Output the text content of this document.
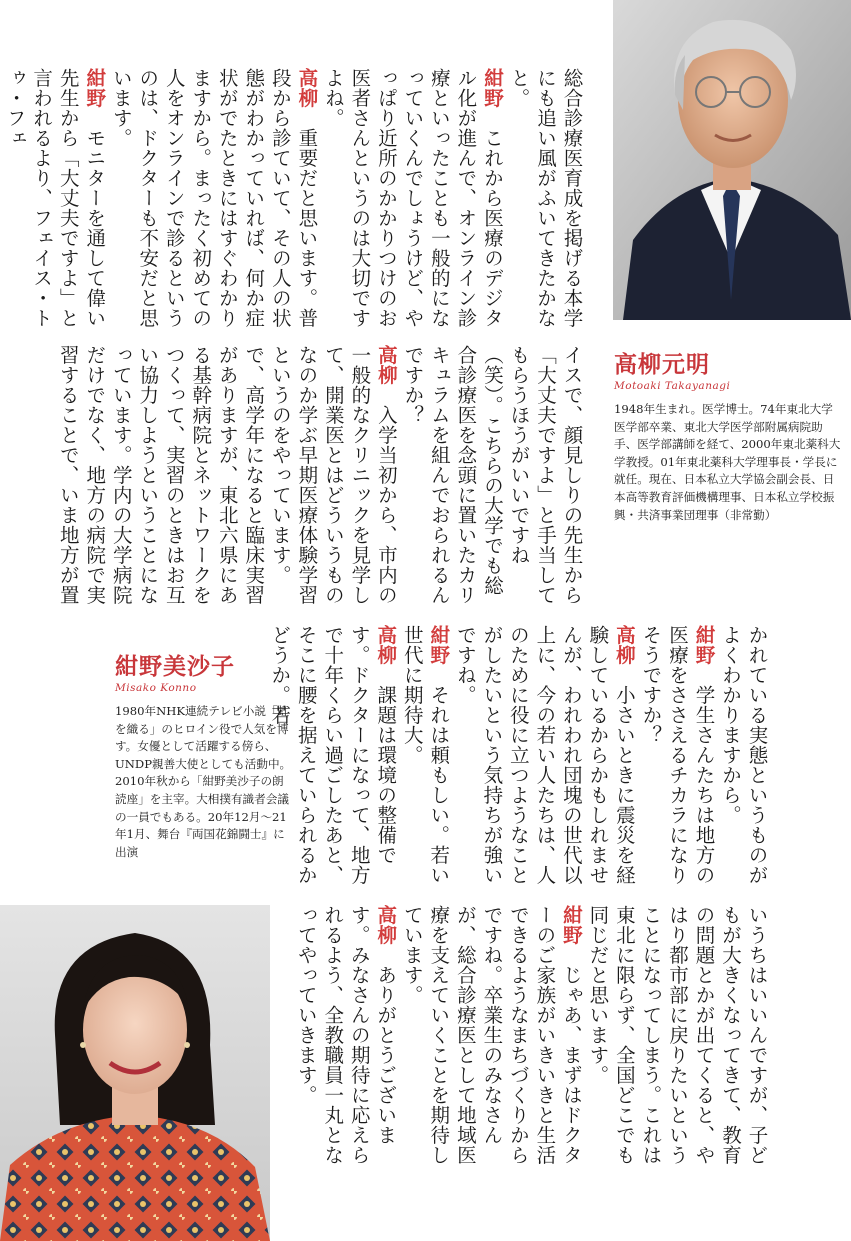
総合診療医育成を掲げる本学にも追い風がふいてきたかなと。
紺野　これから医療のデジタル化が進んで、オンライン診療といったことも一般的になっていくんでしょうけど、やっぱり近所のかかりつけのお医者さんというのは大切ですよね。
高柳　重要だと思います。普段から診ていて、その人の状態がわかっていれば、何か症状がでたときにはすぐわかりますから。まったく初めての人をオンラインで診るというのは、ドクターも不安だと思います。
紺野　モニターを通して偉い先生から「大丈夫ですよ」と言われるより、フェイス・トゥ・フェ

イスで、顔見しりの先生から「大丈夫ですよ」と手当してもらうほうがいいですね（笑）。こちらの大学でも総合診療医を念頭に置いたカリキュラムを組んでおられるんですか？
高柳　入学当初から、市内の一般的なクリニックを見学して、開業医とはどういうものなのか学ぶ早期医療体験学習というのをやっています。で、高学年になると臨床実習がありますが、東北六県にある基幹病院とネットワークをつくって、実習のときはお互い協力しようということになっています。学内の大学病院だけでなく、地方の病院で実習することで、いま地方が置	高柳元明
Motoaki Takayanagi
1948年生まれ。医学博士。74年東北大学医学部卒業、東北大学医学部附属病院助手、医学部講師を経て、2000年東北薬科大学教授。01年東北薬科大学理事長・学長に就任。現在、日本私立大学協会副会長、日本高等教育評価機構理事、日本私立学校振興・共済事業団理事（非常勤）

かれている実態というものがよくわかりますから。
紺野　学生さんたちは地方の医療をささえるチカラになりそうですか？
高柳　小さいときに震災を経験しているからかもしれませんが、われわれ団塊の世代以上に、今の若い人たちは、人のために役に立つようなことがしたいという気持ちが強いですね。
紺野　それは頼もしい。若い世代に期待大。
高柳　課題は環境の整備です。ドクターになって、地方で十年くらい過ごしたあと、そこに腰を据えていられるかどうか。若

紺野美沙子
Misako Konno
1980年NHK連続テレビ小説「虹を織る」のヒロイン役で人気を博す。女優として活躍する傍ら、UNDP親善大使としても活動中。2010年秋から「紺野美沙子の朗読座」を主宰。大相撲有識者会議の一員でもある。20年12月〜21年1月、舞台『両国花錦闘士』に出演

いうちはいいんですが、子どもが大きくなってきて、教育の問題とかが出てくると、やはり都市部に戻りたいということになってしまう。これは東北に限らず、全国どこでも同じだと思います。
紺野　じゃあ、まずはドクターのご家族がいきいきと生活できるようなまちづくりからですね。卒業生のみなさんが、総合診療医として地域医療を支えていくことを期待しています。
高柳　ありがとうございます。みなさんの期待に応えられるよう、全教職員一丸となってやっていきます。
